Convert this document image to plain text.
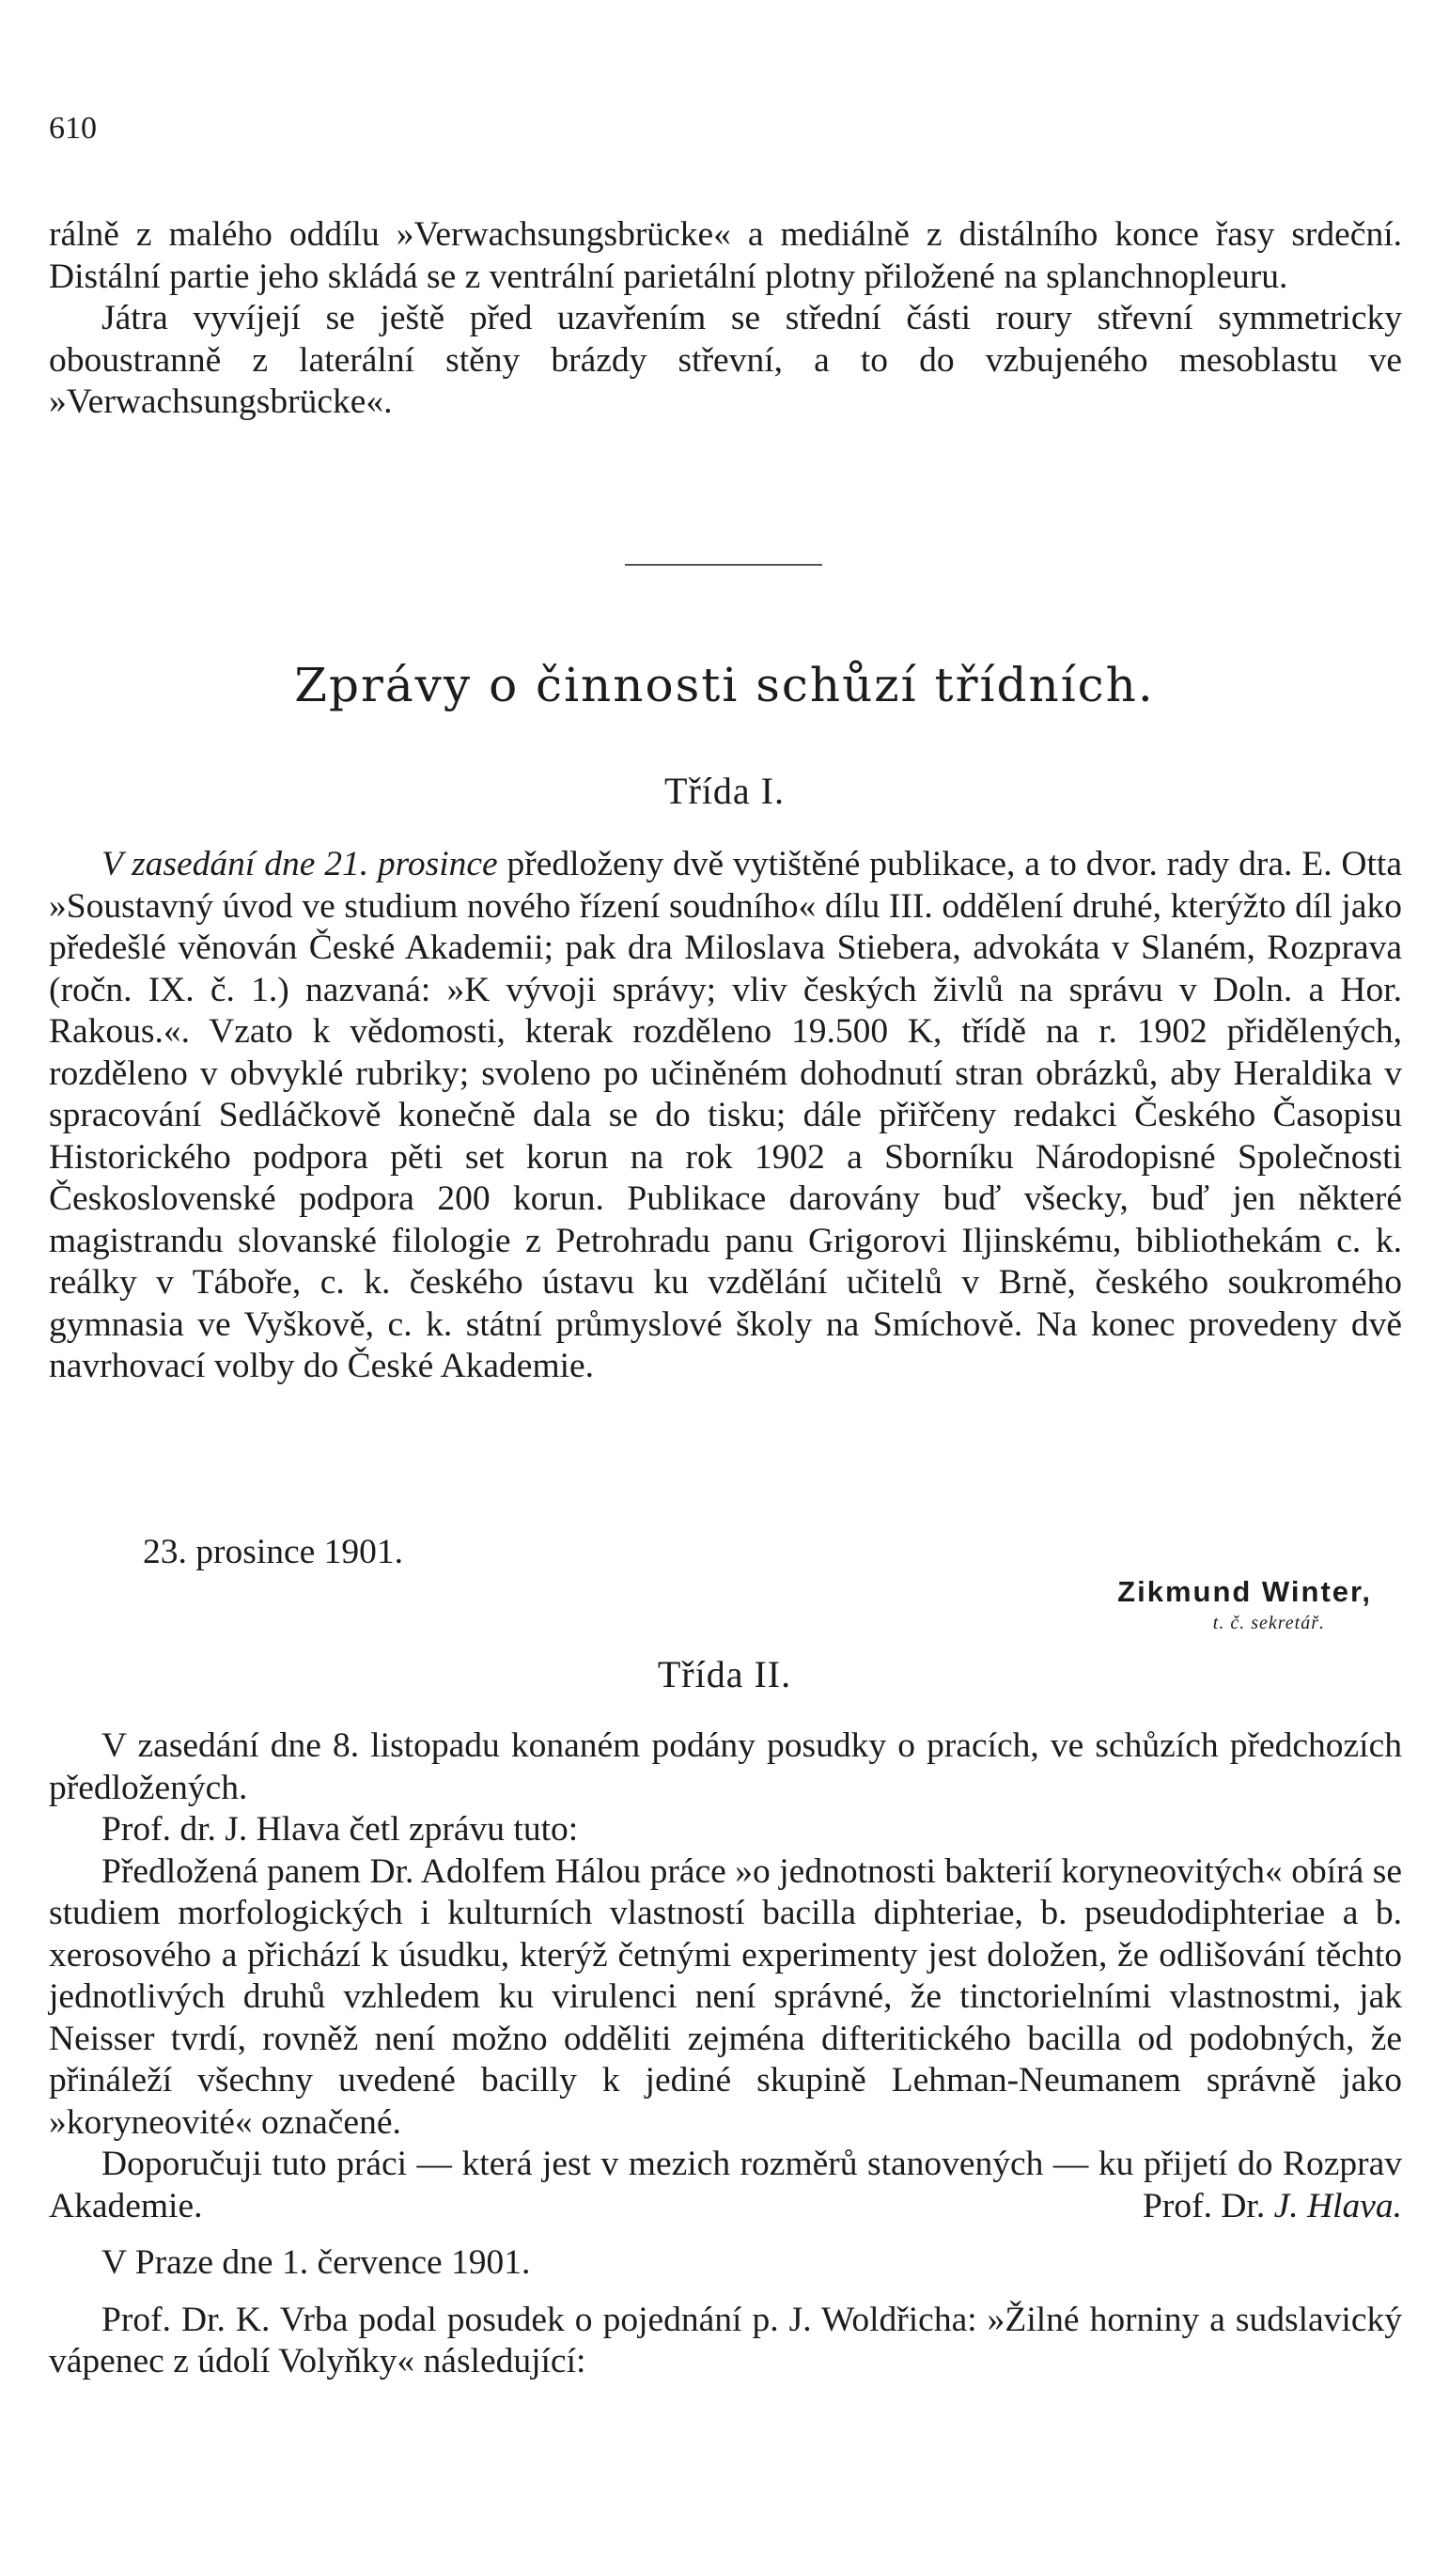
610

rálně z malého oddílu »Verwachsungsbrücke« a mediálně z distálního konce řasy srdeční. Distální partie jeho skládá se z ventrální parietální plotny přiložené na splanchnopleuru.

Játra vyvíjejí se ještě před uzavřením se střední části roury střevní symmetricky oboustranně z laterální stěny brázdy střevní, a to do vzbujeného mesoblastu ve »Verwachsungsbrücke«.

Zprávy o činnosti schůzí třídních.
Třída I.

V zasedání dne 21. prosince předloženy dvě vytištěné publikace, a to dvor. rady dra. E. Otta »Soustavný úvod ve studium nového řízení soudního« dílu III. oddělení druhé, kterýžto díl jako předešlé věnován České Akademii; pak dra Miloslava Stiebera, advokáta v Slaném, Rozprava (ročn. IX. č. 1.) nazvaná: »K vývoji správy; vliv českých živlů na správu v Doln. a Hor. Rakous.«. Vzato k vědomosti, kterak rozděleno 19.500 K, třídě na r. 1902 přidělených, rozděleno v obvyklé rubriky; svoleno po učiněném dohodnutí stran obrázků, aby Heraldika v spracování Sedláčkově konečně dala se do tisku; dále přiřčeny redakci Českého Časopisu Historického podpora pěti set korun na rok 1902 a Sborníku Národopisné Společnosti Československé podpora 200 korun. Publikace darovány buď všecky, buď jen některé magistrandu slovanské filologie z Petrohradu panu Grigorovi Iljinskému, bibliothekám c. k. reálky v Táboře, c. k. českého ústavu ku vzdělání učitelů v Brně, českého soukromého gymnasia ve Vyškově, c. k. státní průmyslové školy na Smíchově. Na konec provedeny dvě navrhovací volby do České Akademie.

23. prosince 1901.
Zikmund Winter,
t. č. sekretář.
Třída II.

V zasedání dne 8. listopadu konaném podány posudky o pracích, ve schůzích předchozích předložených.

Prof. dr. J. Hlava četl zprávu tuto:

Předložená panem Dr. Adolfem Hálou práce »o jednotnosti bakterií koryneovitých« obírá se studiem morfologických i kulturních vlastností bacilla diphteriae, b. pseudodiphteriae a b. xerosového a přichází k úsudku, kterýž četnými experimenty jest doložen, že odlišování těchto jednotlivých druhů vzhledem ku virulenci není správné, že tinctorielními vlastnostmi, jak Neisser tvrdí, rovněž není možno odděliti zejména difteritického bacilla od podobných, že přináleží všechny uvedené bacilly k jediné skupině Lehman-Neumanem správně jako »koryneovité« označené.

Doporučuji tuto práci — která jest v mezich rozměrů stanovených — ku přijetí do Rozprav Akademie.	Prof. Dr. J. Hlava.

V Praze dne 1. července 1901.

Prof. Dr. K. Vrba podal posudek o pojednání p. J. Woldřicha: »Žilné horniny a sudslavický vápenec z údolí Volyňky« následující:
